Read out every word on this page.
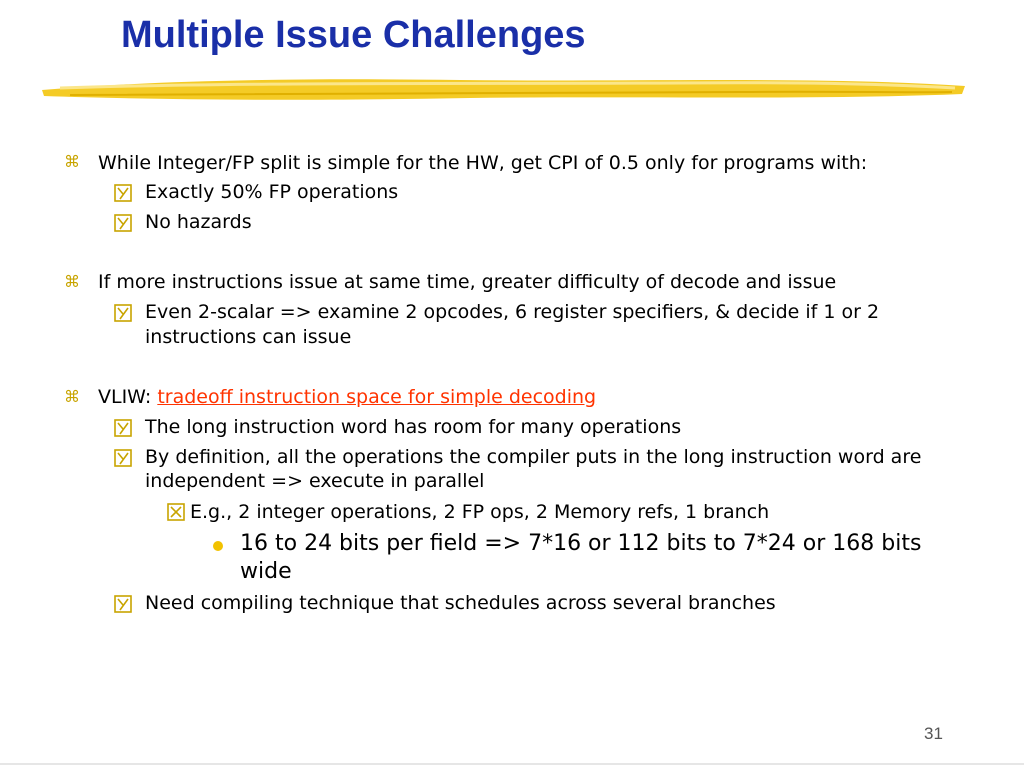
Multiple Issue Challenges
⌘ While Integer/FP split is simple for the HW, get CPI of 0.5 only for programs with:
Exactly 50% FP operations
No hazards
⌘ If more instructions issue at same time, greater difficulty of decode and issue
Even 2-scalar => examine 2 opcodes, 6 register specifiers, & decide if 1 or 2
instructions can issue
⌘ VLIW: tradeoff instruction space for simple decoding
The long instruction word has room for many operations
By definition, all the operations the compiler puts in the long instruction word are
independent => execute in parallel
E.g., 2 integer operations, 2 FP ops, 2 Memory refs, 1 branch
16 to 24 bits per field => 7*16 or 112 bits to 7*24 or 168 bits
wide
Need compiling technique that schedules across several branches
31
